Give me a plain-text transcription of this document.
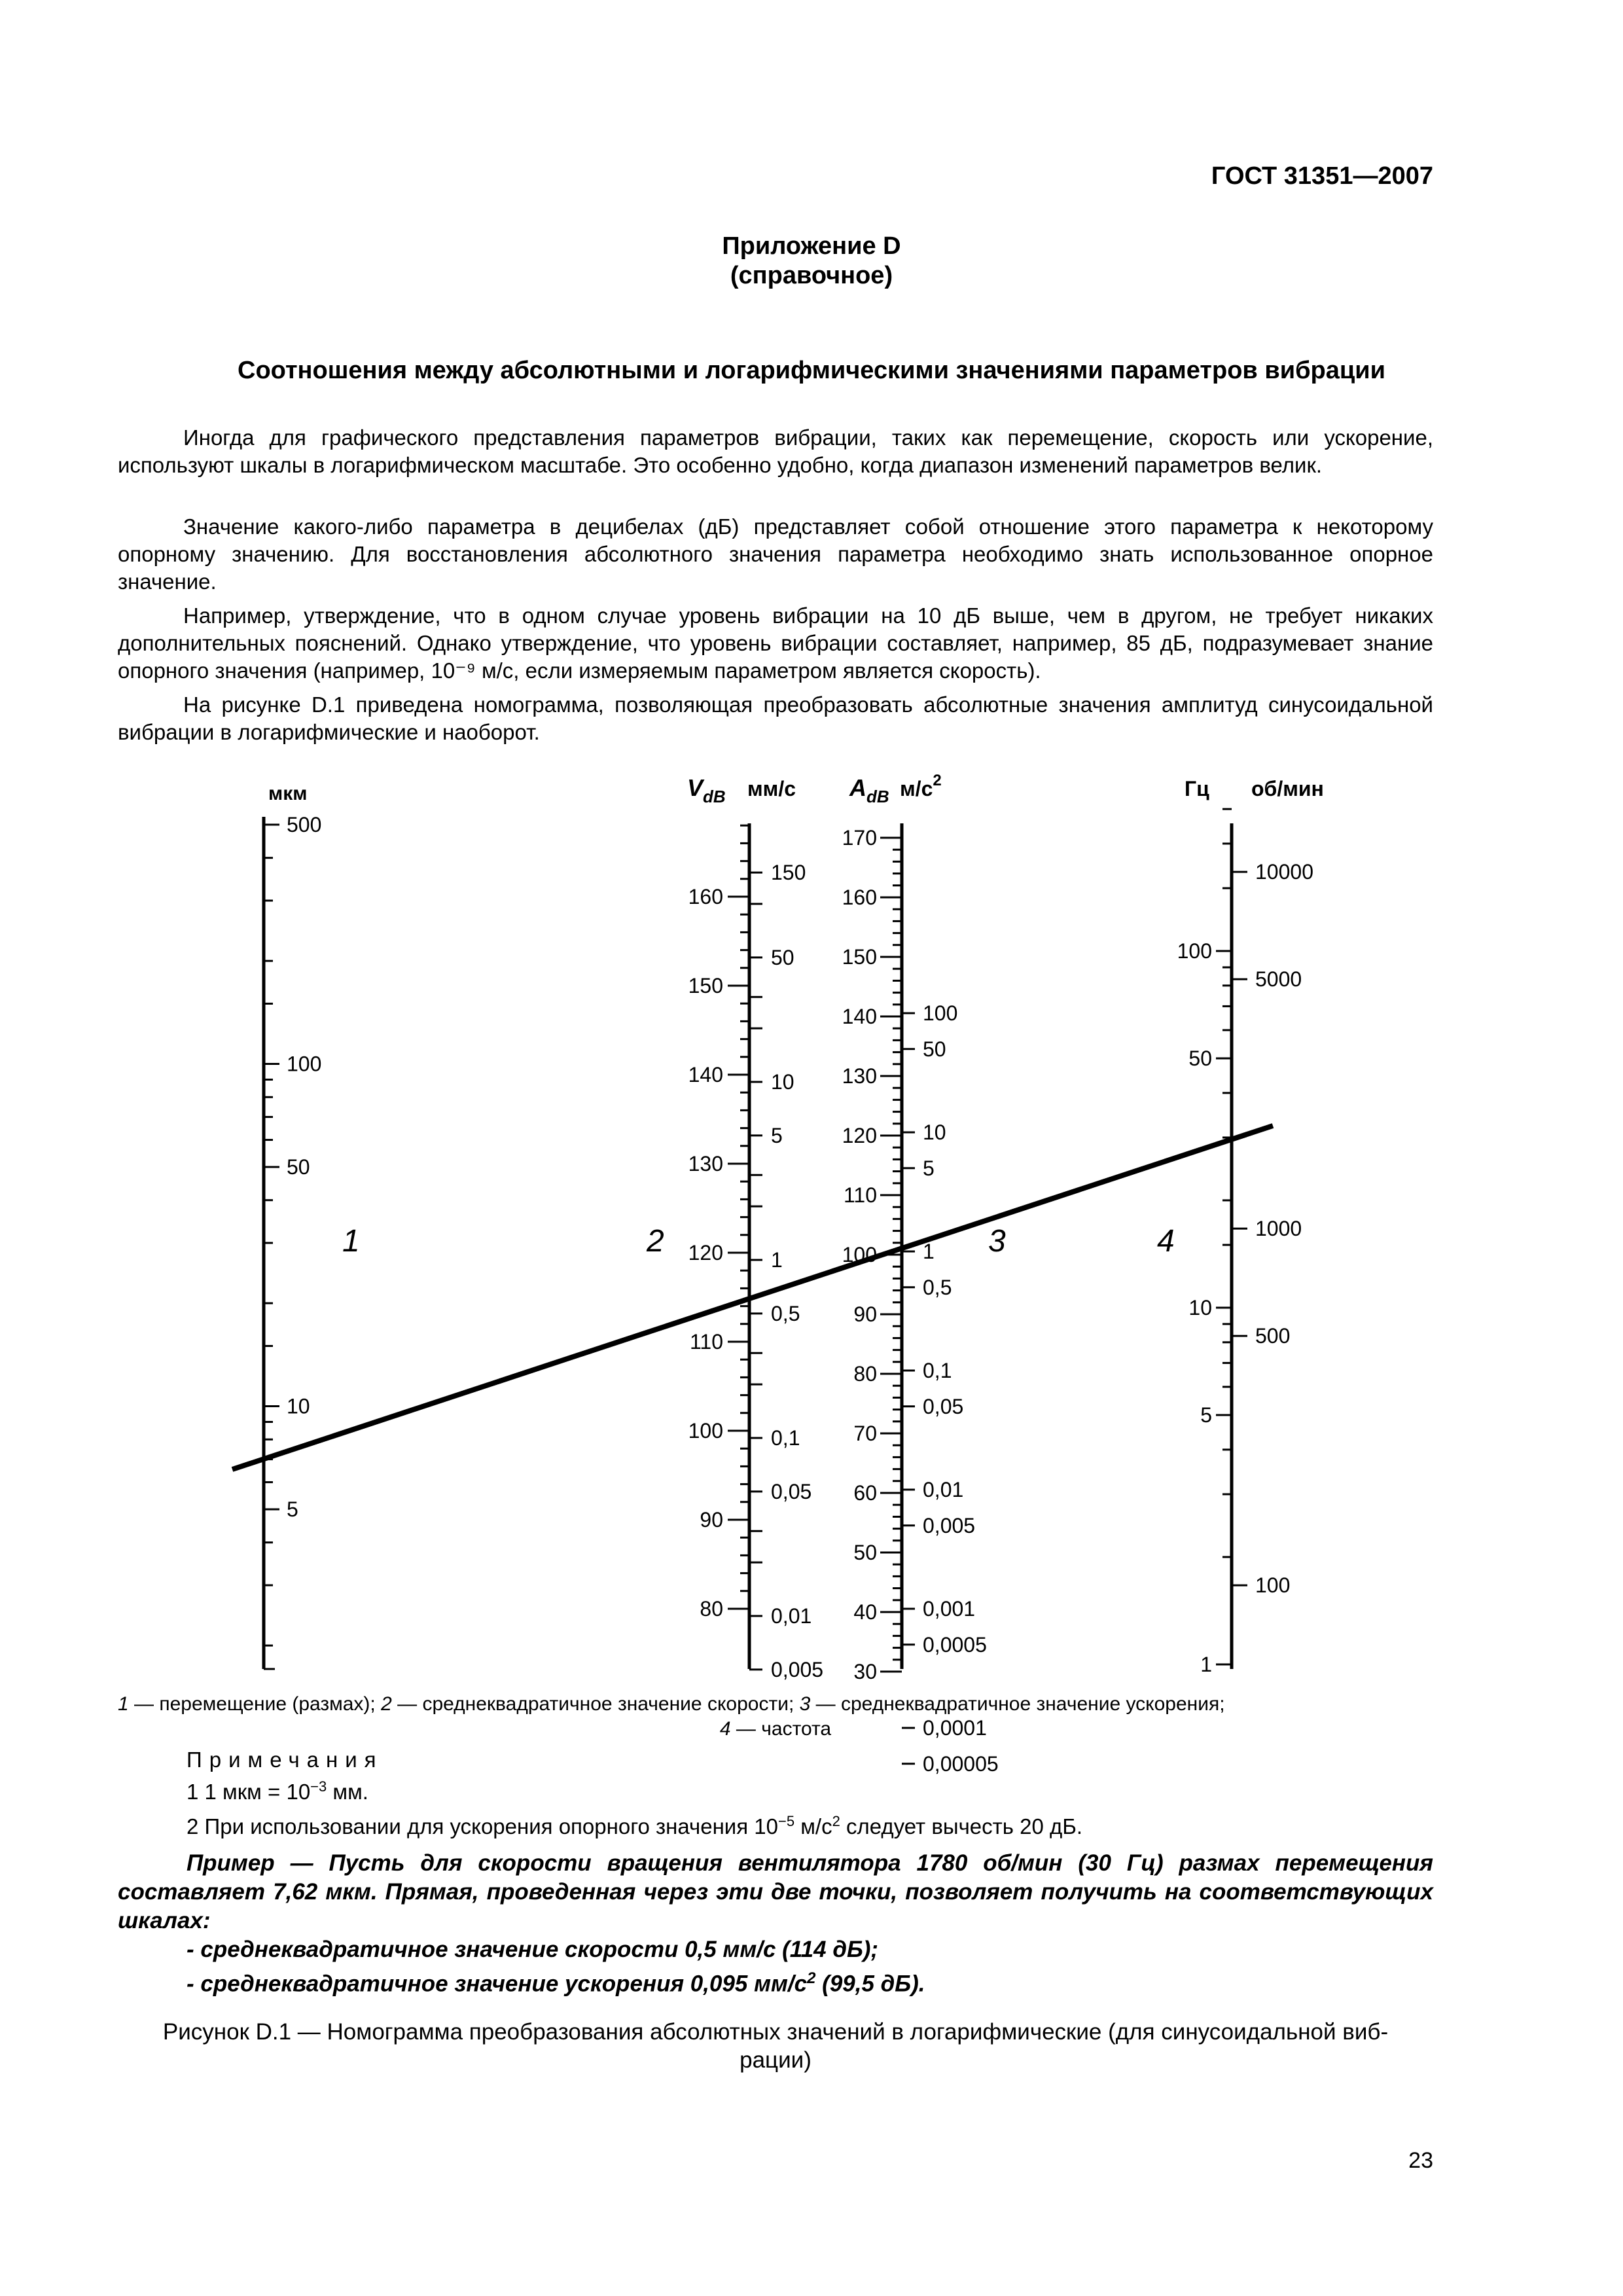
ГОСТ 31351—2007
Приложение D
(справочное)
Соотношения между абсолютными и логарифмическими значениями параметров вибрации
Иногда для графического представления параметров вибрации, таких как перемещение, скорость или ускорение, используют шкалы в логарифмическом масштабе. Это особенно удобно, когда диапазон изменений параметров велик.
Значение какого-либо параметра в децибелах (дБ) представляет собой отношение этого параметра к некоторому опорному значению. Для восстановления абсолютного значения параметра необходимо знать использованное опорное значение.
Например, утверждение, что в одном случае уровень вибрации на 10 дБ выше, чем в другом, не требует никаких дополнительных пояснений. Однако утверждение, что уровень вибрации составляет, например, 85 дБ, подразумевает знание опорного значения (например, 10⁻⁹ м/с, если измеряемым параметром является скорость).
На рисунке D.1 приведена номограмма, позволяющая преобразовать абсолютные значения амплитуд синусоидальной вибрации в логарифмические и наоборот.
мкм	$V_{dB}$ мм/с $A_{dB}$ $м/с^2$	Гц об/мин
1	2	3	4
500
100
50
10
5
160
150
140
130
120
110
100
90
80
150
50
10
5
1
0,5
0,1
0,05
0,01
0,005
170
160
150
140
130
120
110
100
90
80
70
60
50
40
30
100
50
10
5
1
0,5
0,1
0,05
0,01
0,005
0,001
0,0005
0,0001
0,00005
100
50
10
5
1
10000
5000
1000
500
100
1 — перемещение (размах); 2 — среднеквадратичное значение скорости; 3 — среднеквадратичное значение ускорения;
4 — частота
Примечания
1 1 мкм = $10^{-3}$ мм.
2 При использовании для ускорения опорного значения $10^{-5}$ $м/с^2$ следует вычесть 20 дБ.
Пример — Пусть для скорости вращения вентилятора 1780 об/мин (30 Гц) размах перемещения составляет 7,62 мкм. Прямая, проведенная через эти две точки, позволяет получить на соответствующих шкалах:
- среднеквадратичное значение скорости 0,5 мм/с (114 дБ);
- среднеквадратичное значение ускорения 0,095 $мм/с^2$ (99,5 дБ).
Рисунок D.1 — Номограмма преобразования абсолютных значений в логарифмические (для синусоидальной виб-
рации)
23
